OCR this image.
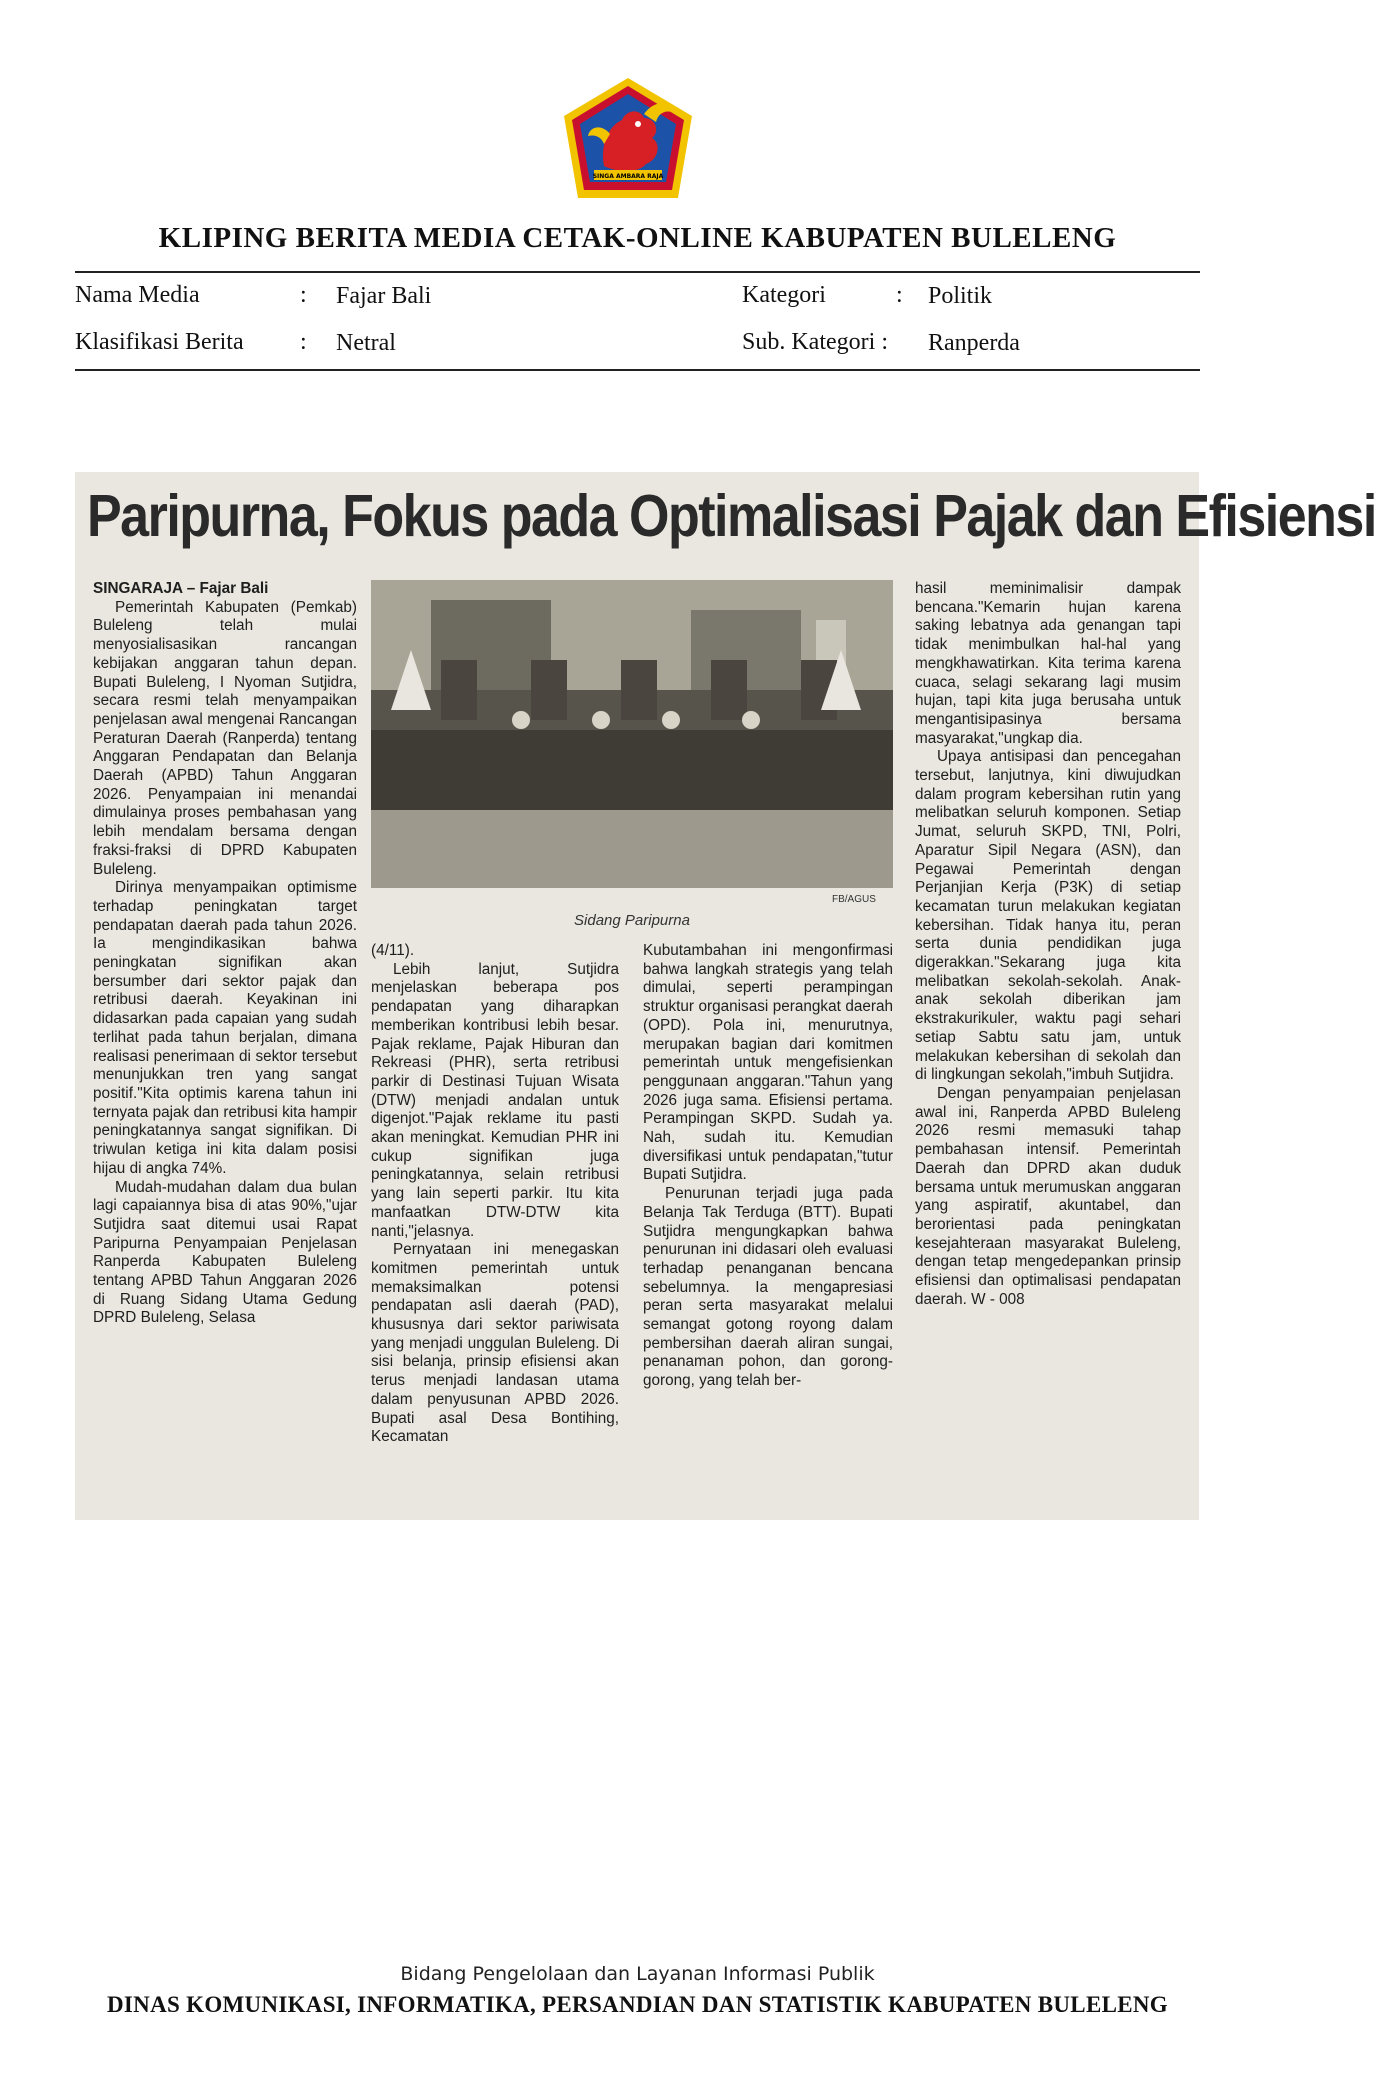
SINGA AMBARA RAJA
KLIPING BERITA MEDIA CETAK-ONLINE KABUPATEN BULELENG
Nama Media	: Fajar Bali	Kategori	: Politik
Klasifikasi Berita : Netral	Sub. Kategori : Ranperda
Paripurna, Fokus pada Optimalisasi Pajak dan Efisiensi

SINGARAJA – Fajar Bali

Pemerintah Kabupaten (Pemkab) Buleleng telah mulai menyosialisasikan rancangan kebijakan anggaran tahun depan. Bupati Buleleng, I Nyoman Sutjidra, secara resmi telah menyampaikan penjelasan awal mengenai Rancangan Peraturan Daerah (Ranperda) tentang Anggaran Pendapatan dan Belanja Daerah (APBD) Tahun Anggaran 2026. Penyampaian ini menandai dimulainya proses pembahasan yang lebih mendalam bersama dengan fraksi-fraksi di DPRD Kabupaten Buleleng.

Dirinya menyampaikan optimisme terhadap peningkatan target pendapatan daerah pada tahun 2026. Ia mengindikasikan bahwa peningkatan signifikan akan bersumber dari sektor pajak dan retribusi daerah. Keyakinan ini didasarkan pada capaian yang sudah terlihat pada tahun berjalan, dimana realisasi penerimaan di sektor tersebut menunjukkan tren yang sangat positif."Kita optimis karena tahun ini ternyata pajak dan retribusi kita hampir peningkatannya sangat signifikan. Di triwulan ketiga ini kita dalam posisi hijau di angka 74%.

Mudah-mudahan dalam dua bulan lagi capaiannya bisa di atas 90%,"ujar Sutjidra saat ditemui usai Rapat Paripurna Penyampaian Penjelasan Ranperda Kabupaten Buleleng tentang APBD Tahun Anggaran 2026 di Ruang Sidang Utama Gedung DPRD Buleleng, Selasa

FB/AGUS
Sidang Paripurna

(4/11).

Lebih lanjut, Sutjidra menjelaskan beberapa pos pendapatan yang diharapkan memberikan kontribusi lebih besar. Pajak reklame, Pajak Hiburan dan Rekreasi (PHR), serta retribusi parkir di Destinasi Tujuan Wisata (DTW) menjadi andalan untuk digenjot."Pajak reklame itu pasti akan meningkat. Kemudian PHR ini cukup signifikan juga peningkatannya, selain retribusi yang lain seperti parkir. Itu kita manfaatkan DTW-DTW kita nanti,"jelasnya.

Pernyataan ini menegaskan komitmen pemerintah untuk memaksimalkan potensi pendapatan asli daerah (PAD), khususnya dari sektor pariwisata yang menjadi unggulan Buleleng. Di sisi belanja, prinsip efisiensi akan terus menjadi landasan utama dalam penyusunan APBD 2026. Bupati asal Desa Bontihing, Kecamatan

Kubutambahan ini mengonfirmasi bahwa langkah strategis yang telah dimulai, seperti perampingan struktur organisasi perangkat daerah (OPD). Pola ini, menurutnya, merupakan bagian dari komitmen pemerintah untuk mengefisienkan penggunaan anggaran."Tahun yang 2026 juga sama. Efisiensi pertama. Perampingan SKPD. Sudah ya. Nah, sudah itu. Kemudian diversifikasi untuk pendapatan,"tutur Bupati Sutjidra.

Penurunan terjadi juga pada Belanja Tak Terduga (BTT). Bupati Sutjidra mengungkapkan bahwa penurunan ini didasari oleh evaluasi terhadap penanganan bencana sebelumnya. Ia mengapresiasi peran serta masyarakat melalui semangat gotong royong dalam pembersihan daerah aliran sungai, penanaman pohon, dan gorong-gorong, yang telah ber-

hasil meminimalisir dampak bencana."Kemarin hujan karena saking lebatnya ada genangan tapi tidak menimbulkan hal-hal yang mengkhawatirkan. Kita terima karena cuaca, selagi sekarang lagi musim hujan, tapi kita juga berusaha untuk mengantisipasinya bersama masyarakat,"ungkap dia.

Upaya antisipasi dan pencegahan tersebut, lanjutnya, kini diwujudkan dalam program kebersihan rutin yang melibatkan seluruh komponen. Setiap Jumat, seluruh SKPD, TNI, Polri, Aparatur Sipil Negara (ASN), dan Pegawai Pemerintah dengan Perjanjian Kerja (P3K) di setiap kecamatan turun melakukan kegiatan kebersihan. Tidak hanya itu, peran serta dunia pendidikan juga digerakkan."Sekarang juga kita melibatkan sekolah-sekolah. Anak-anak sekolah diberikan jam ekstrakurikuler, waktu pagi sehari setiap Sabtu satu jam, untuk melakukan kebersihan di sekolah dan di lingkungan sekolah,"imbuh Sutjidra.

Dengan penyampaian penjelasan awal ini, Ranperda APBD Buleleng 2026 resmi memasuki tahap pembahasan intensif. Pemerintah Daerah dan DPRD akan duduk bersama untuk merumuskan anggaran yang aspiratif, akuntabel, dan berorientasi pada peningkatan kesejahteraan masyarakat Buleleng, dengan tetap mengedepankan prinsip efisiensi dan optimalisasi pendapatan daerah. W - 008

Bidang Pengelolaan dan Layanan Informasi Publik
DINAS KOMUNIKASI, INFORMATIKA, PERSANDIAN DAN STATISTIK KABUPATEN BULELENG
